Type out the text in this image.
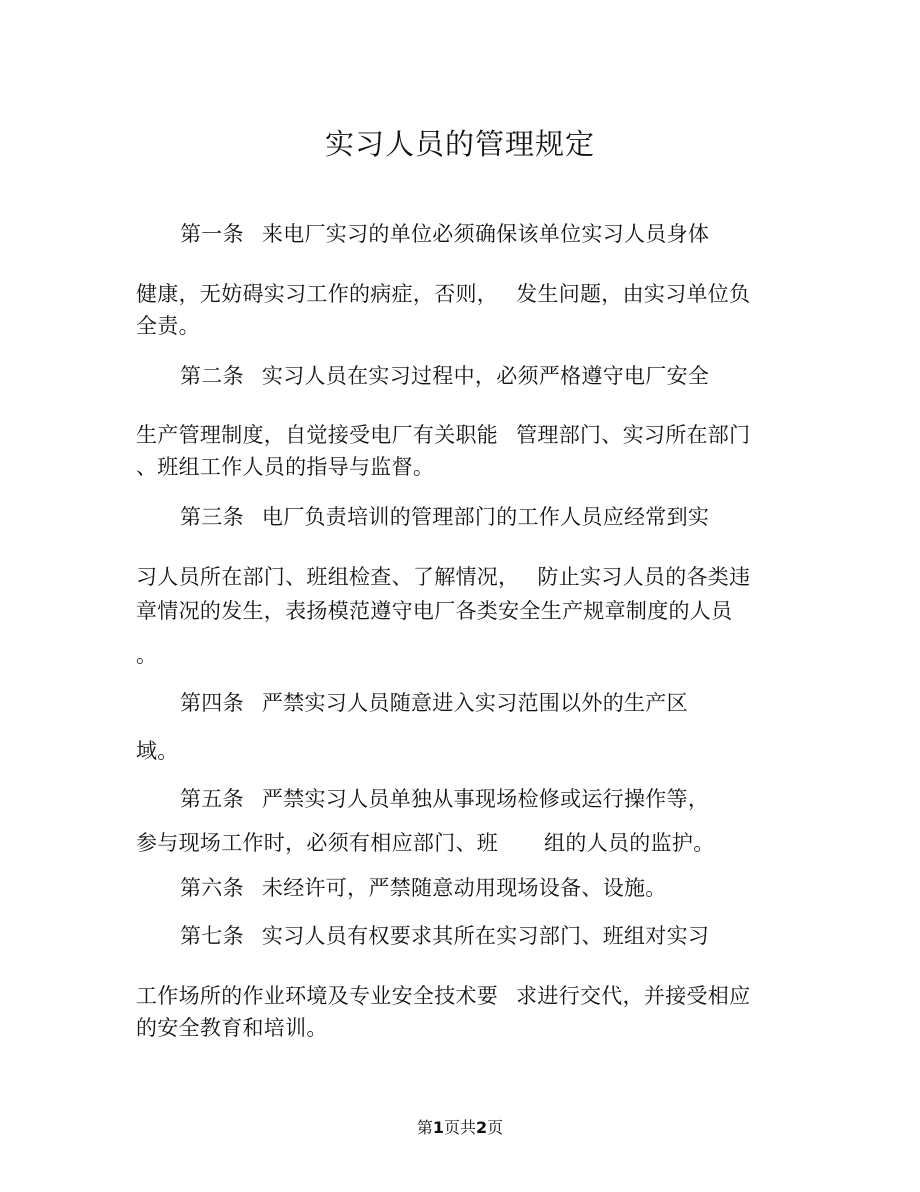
实习人员的管理规定
第一条 来电厂实习的单位必须确保该单位实习人员身体
健康，无妨碍实习工作的病症，否则， 发生问题，由实习单位负
全责。
第二条 实习人员在实习过程中，必须严格遵守电厂安全
生产管理制度，自觉接受电厂有关职能 管理部门、实习所在部门
、班组工作人员的指导与监督。
第三条 电厂负责培训的管理部门的工作人员应经常到实
习人员所在部门、班组检查、了解情况， 防止实习人员的各类违
章情况的发生，表扬模范遵守电厂各类安全生产规章制度的人员
。
第四条 严禁实习人员随意进入实习范围以外的生产区
域。
第五条 严禁实习人员单独从事现场检修或运行操作等，
参与现场工作时，必须有相应部门、班 组的人员的监护。
第六条 未经许可，严禁随意动用现场设备、设施。
第七条 实习人员有权要求其所在实习部门、班组对实习
工作场所的作业环境及专业安全技术要 求进行交代，并接受相应
的安全教育和培训。
第1页共2页
